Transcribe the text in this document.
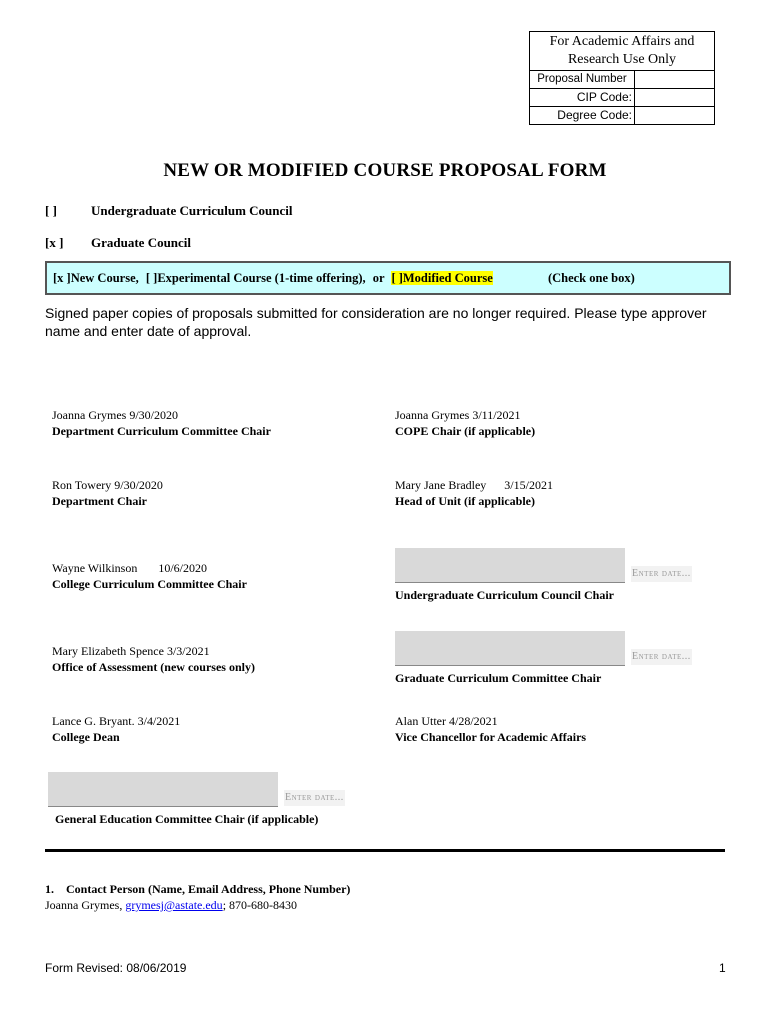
For Academic Affairs and Research Use Only
Proposal Number
CIP Code:
Degree Code:
NEW OR MODIFIED COURSE PROPOSAL FORM
[ ]	Undergraduate Curriculum Council
[x ] Graduate Council
[x ]New Course, [ ]Experimental Course (1-time offering), or [ ]Modified Course	(Check one box)
Signed paper copies of proposals submitted for consideration are no longer required. Please type approver name and enter date of approval.
Joanna Grymes 9/30/2020
Department Curriculum Committee Chair
Joanna Grymes 3/11/2021
COPE Chair (if applicable)
Ron Towery 9/30/2020
Department Chair
Mary Jane Bradley      3/15/2021
Head of Unit (if applicable)
Wayne Wilkinson       10/6/2020
College Curriculum Committee Chair
Enter date...
Undergraduate Curriculum Council Chair
Mary Elizabeth Spence 3/3/2021
Office of Assessment (new courses only)
Enter date...
Graduate Curriculum Committee Chair
Lance G. Bryant. 3/4/2021
College Dean
Alan Utter 4/28/2021
Vice Chancellor for Academic Affairs
Enter date...
General Education Committee Chair (if applicable)
1.    Contact Person (Name, Email Address, Phone Number)
Joanna Grymes, grymesj@astate.edu; 870-680-8430
Form Revised: 08/06/2019	1
